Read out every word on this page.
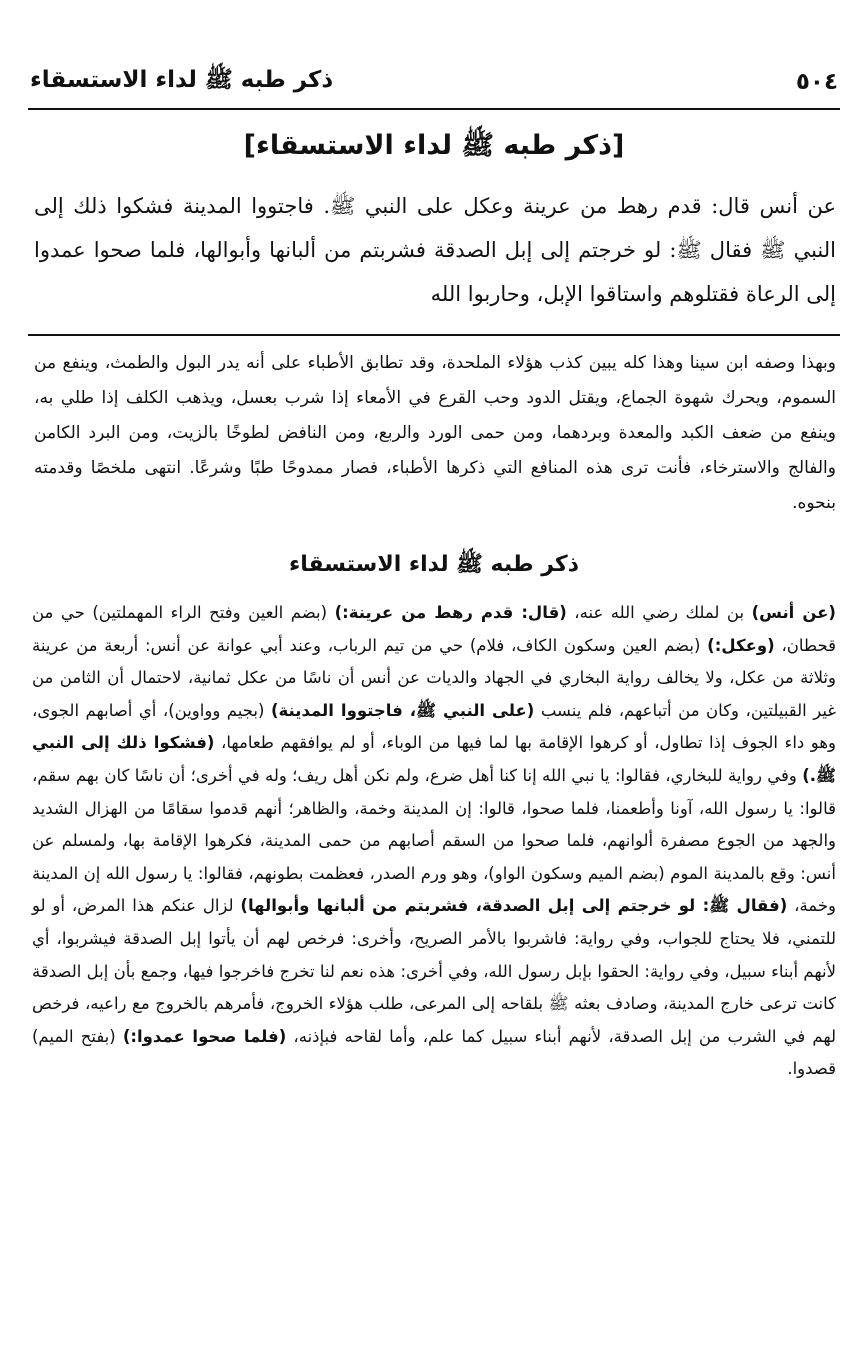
٥٠٤
ذكر طبه ﷺ لداء الاستسقاء
[ذكر طبه ﷺ لداء الاستسقاء]

عن أنس قال: قدم رهط من عرينة وعكل على النبي ﷺ. فاجتووا المدينة فشكوا ذلك إلى النبي ﷺ فقال ﷺ: لو خرجتم إلى إبل الصدقة فشربتم من ألبانها وأبوالها، فلما صحوا عمدوا إلى الرعاة فقتلوهم واستاقوا الإبل، وحاربوا الله

وبهذا وصفه ابن سينا وهذا كله يبين كذب هؤلاء الملحدة، وقد تطابق الأطباء على أنه يدر البول والطمث، وينفع من السموم، ويحرك شهوة الجماع، ويقتل الدود وحب القرع في الأمعاء إذا شرب بعسل، ويذهب الكلف إذا طلي به، وينفع من ضعف الكبد والمعدة وبردهما، ومن حمى الورد والربع، ومن النافض لطوخًا بالزيت، ومن البرد الكامن والفالج والاسترخاء، فأنت ترى هذه المنافع التي ذكرها الأطباء، فصار ممدوحًا طبًا وشرعًا. انتهى ملخصًا وقدمته بنحوه.

ذكر طبه ﷺ لداء الاستسقاء

(عن أنس) بن لملك رضي الله عنه، (قال: قدم رهط من عرينة:) (بضم العين وفتح الراء المهملتين) حي من قحطان، (وعكل:) (بضم العين وسكون الكاف، فلام) حي من تيم الرباب، وعند أبي عوانة عن أنس: أربعة من عرينة وثلاثة من عكل، ولا يخالف رواية البخاري في الجهاد والديات عن أنس أن ناسًا من عكل ثمانية، لاحتمال أن الثامن من غير القبيلتين، وكان من أتباعهم، فلم ينسب (على النبي ﷺ، فاجتووا المدينة) (بجيم وواوين)، أي أصابهم الجوى، وهو داء الجوف إذا تطاول، أو كرهوا الإقامة بها لما فيها من الوباء، أو لم يوافقهم طعامها، (فشكوا ذلك إلى النبي ﷺ.) وفي رواية للبخاري، فقالوا: يا نبي الله إنا كنا أهل ضرع، ولم نكن أهل ريف؛ وله في أخرى؛ أن ناسًا كان بهم سقم، قالوا: يا رسول الله، آونا وأطعمنا، فلما صحوا، قالوا: إن المدينة وخمة، والظاهر؛ أنهم قدموا سقامًا من الهزال الشديد والجهد من الجوع مصفرة ألوانهم، فلما صحوا من السقم أصابهم من حمى المدينة، فكرهوا الإقامة بها، ولمسلم عن أنس: وقع بالمدينة الموم (بضم الميم وسكون الواو)، وهو ورم الصدر، فعظمت بطونهم، فقالوا: يا رسول الله إن المدينة وخمة، (فقال ﷺ: لو خرجتم إلى إبل الصدقة، فشربتم من ألبانها وأبوالها) لزال عنكم هذا المرض، أو لو للتمني، فلا يحتاج للجواب، وفي رواية: فاشربوا بالأمر الصريح، وأخرى: فرخص لهم أن يأتوا إبل الصدقة فيشربوا، أي لأنهم أبناء سبيل، وفي رواية: الحقوا بإبل رسول الله، وفي أخرى: هذه نعم لنا تخرج فاخرجوا فيها، وجمع بأن إبل الصدقة كانت ترعى خارج المدينة، وصادف بعثه ﷺ بلقاحه إلى المرعى، طلب هؤلاء الخروج، فأمرهم بالخروج مع راعيه، فرخص لهم في الشرب من إبل الصدقة، لأنهم أبناء سبيل كما علم، وأما لقاحه فبإذنه، (فلما صحوا عمدوا:) (بفتح الميم) قصدوا.
